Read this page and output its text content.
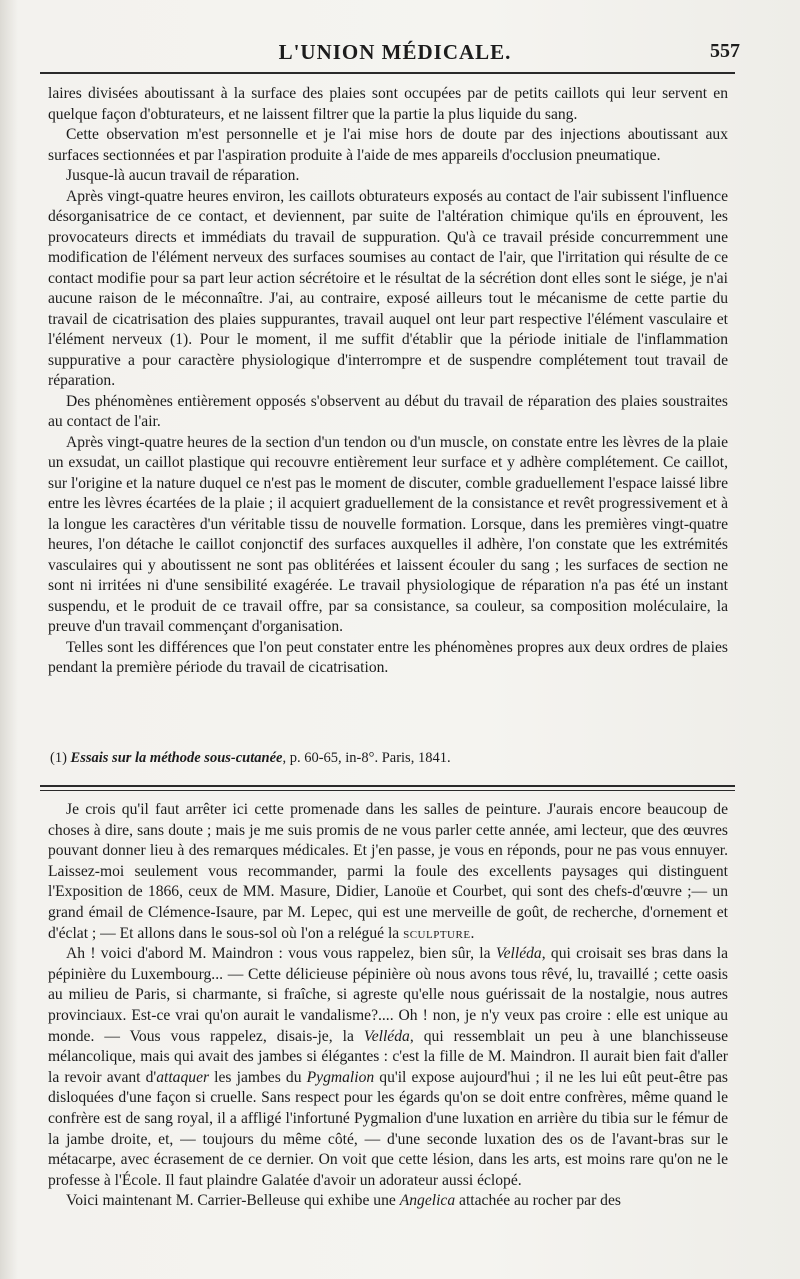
L'UNION MÉDICALE.	557

laires divisées aboutissant à la surface des plaies sont occupées par de petits caillots qui leur servent en quelque façon d'obturateurs, et ne laissent filtrer que la partie la plus liquide du sang.

Cette observation m'est personnelle et je l'ai mise hors de doute par des injections aboutissant aux surfaces sectionnées et par l'aspiration produite à l'aide de mes appareils d'occlusion pneumatique.

Jusque-là aucun travail de réparation.

Après vingt-quatre heures environ, les caillots obturateurs exposés au contact de l'air subissent l'influence désorganisatrice de ce contact, et deviennent, par suite de l'altération chimique qu'ils en éprouvent, les provocateurs directs et immédiats du travail de suppuration. Qu'à ce travail préside concurremment une modification de l'élément nerveux des surfaces soumises au contact de l'air, que l'irritation qui résulte de ce contact modifie pour sa part leur action sécrétoire et le résultat de la sécrétion dont elles sont le siége, je n'ai aucune raison de le méconnaître. J'ai, au contraire, exposé ailleurs tout le mécanisme de cette partie du travail de cicatrisation des plaies suppurantes, travail auquel ont leur part respective l'élément vasculaire et l'élément nerveux (1). Pour le moment, il me suffit d'établir que la période initiale de l'inflammation suppurative a pour caractère physiologique d'interrompre et de suspendre complétement tout travail de réparation.

Des phénomènes entièrement opposés s'observent au début du travail de réparation des plaies soustraites au contact de l'air.

Après vingt-quatre heures de la section d'un tendon ou d'un muscle, on constate entre les lèvres de la plaie un exsudat, un caillot plastique qui recouvre entièrement leur surface et y adhère complétement. Ce caillot, sur l'origine et la nature duquel ce n'est pas le moment de discuter, comble graduellement l'espace laissé libre entre les lèvres écartées de la plaie ; il acquiert graduellement de la consistance et revêt progressivement et à la longue les caractères d'un véritable tissu de nouvelle formation. Lorsque, dans les premières vingt-quatre heures, l'on détache le caillot conjonctif des surfaces auxquelles il adhère, l'on constate que les extrémités vasculaires qui y aboutissent ne sont pas oblitérées et laissent écouler du sang ; les surfaces de section ne sont ni irritées ni d'une sensibilité exagérée. Le travail physiologique de réparation n'a pas été un instant suspendu, et le produit de ce travail offre, par sa consistance, sa couleur, sa composition moléculaire, la preuve d'un travail commençant d'organisation.

Telles sont les différences que l'on peut constater entre les phénomènes propres aux deux ordres de plaies pendant la première période du travail de cicatrisation.

(1) Essais sur la méthode sous-cutanée, p. 60-65, in-8°. Paris, 1841.

Je crois qu'il faut arrêter ici cette promenade dans les salles de peinture. J'aurais encore beaucoup de choses à dire, sans doute ; mais je me suis promis de ne vous parler cette année, ami lecteur, que des œuvres pouvant donner lieu à des remarques médicales. Et j'en passe, je vous en réponds, pour ne pas vous ennuyer. Laissez-moi seulement vous recommander, parmi la foule des excellents paysages qui distinguent l'Exposition de 1866, ceux de MM. Masure, Didier, Lanoüe et Courbet, qui sont des chefs-d'œuvre ;— un grand émail de Clémence-Isaure, par M. Lepec, qui est une merveille de goût, de recherche, d'ornement et d'éclat ; — Et allons dans le sous-sol où l'on a relégué la sculpture.

Ah ! voici d'abord M. Maindron : vous vous rappelez, bien sûr, la Velléda, qui croisait ses bras dans la pépinière du Luxembourg... — Cette délicieuse pépinière où nous avons tous rêvé, lu, travaillé ; cette oasis au milieu de Paris, si charmante, si fraîche, si agreste qu'elle nous guérissait de la nostalgie, nous autres provinciaux. Est-ce vrai qu'on aurait le vandalisme?.... Oh ! non, je n'y veux pas croire : elle est unique au monde. — Vous vous rappelez, disais-je, la Velléda, qui ressemblait un peu à une blanchisseuse mélancolique, mais qui avait des jambes si élégantes : c'est la fille de M. Maindron. Il aurait bien fait d'aller la revoir avant d'attaquer les jambes du Pygmalion qu'il expose aujourd'hui ; il ne les lui eût peut-être pas disloquées d'une façon si cruelle. Sans respect pour les égards qu'on se doit entre confrères, même quand le confrère est de sang royal, il a affligé l'infortuné Pygmalion d'une luxation en arrière du tibia sur le fémur de la jambe droite, et, — toujours du même côté, — d'une seconde luxation des os de l'avant-bras sur le métacarpe, avec écrasement de ce dernier. On voit que cette lésion, dans les arts, est moins rare qu'on ne le professe à l'École. Il faut plaindre Galatée d'avoir un adorateur aussi éclopé.

Voici maintenant M. Carrier-Belleuse qui exhibe une Angelica attachée au rocher par des
